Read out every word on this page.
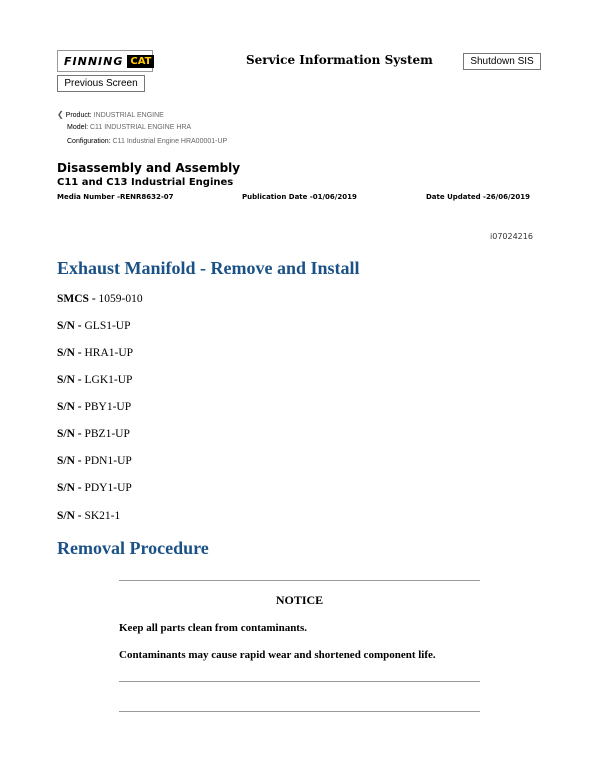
FINNING CAT	Service Information System	Shutdown SIS
Previous Screen
❮ Product: INDUSTRIAL ENGINE
Model: C11 INDUSTRIAL ENGINE HRA
Configuration: C11 Industrial Engine HRA00001-UP
Disassembly and Assembly
C11 and C13 Industrial Engines
Media Number -RENR8632-07	Publication Date -01/06/2019	Date Updated -26/06/2019
i07024216
Exhaust Manifold - Remove and Install
SMCS - 1059-010
S/N - GLS1-UP
S/N - HRA1-UP
S/N - LGK1-UP
S/N - PBY1-UP
S/N - PBZ1-UP
S/N - PDN1-UP
S/N - PDY1-UP
S/N - SK21-1
Removal Procedure
NOTICE
Keep all parts clean from contaminants.
Contaminants may cause rapid wear and shortened component life.
